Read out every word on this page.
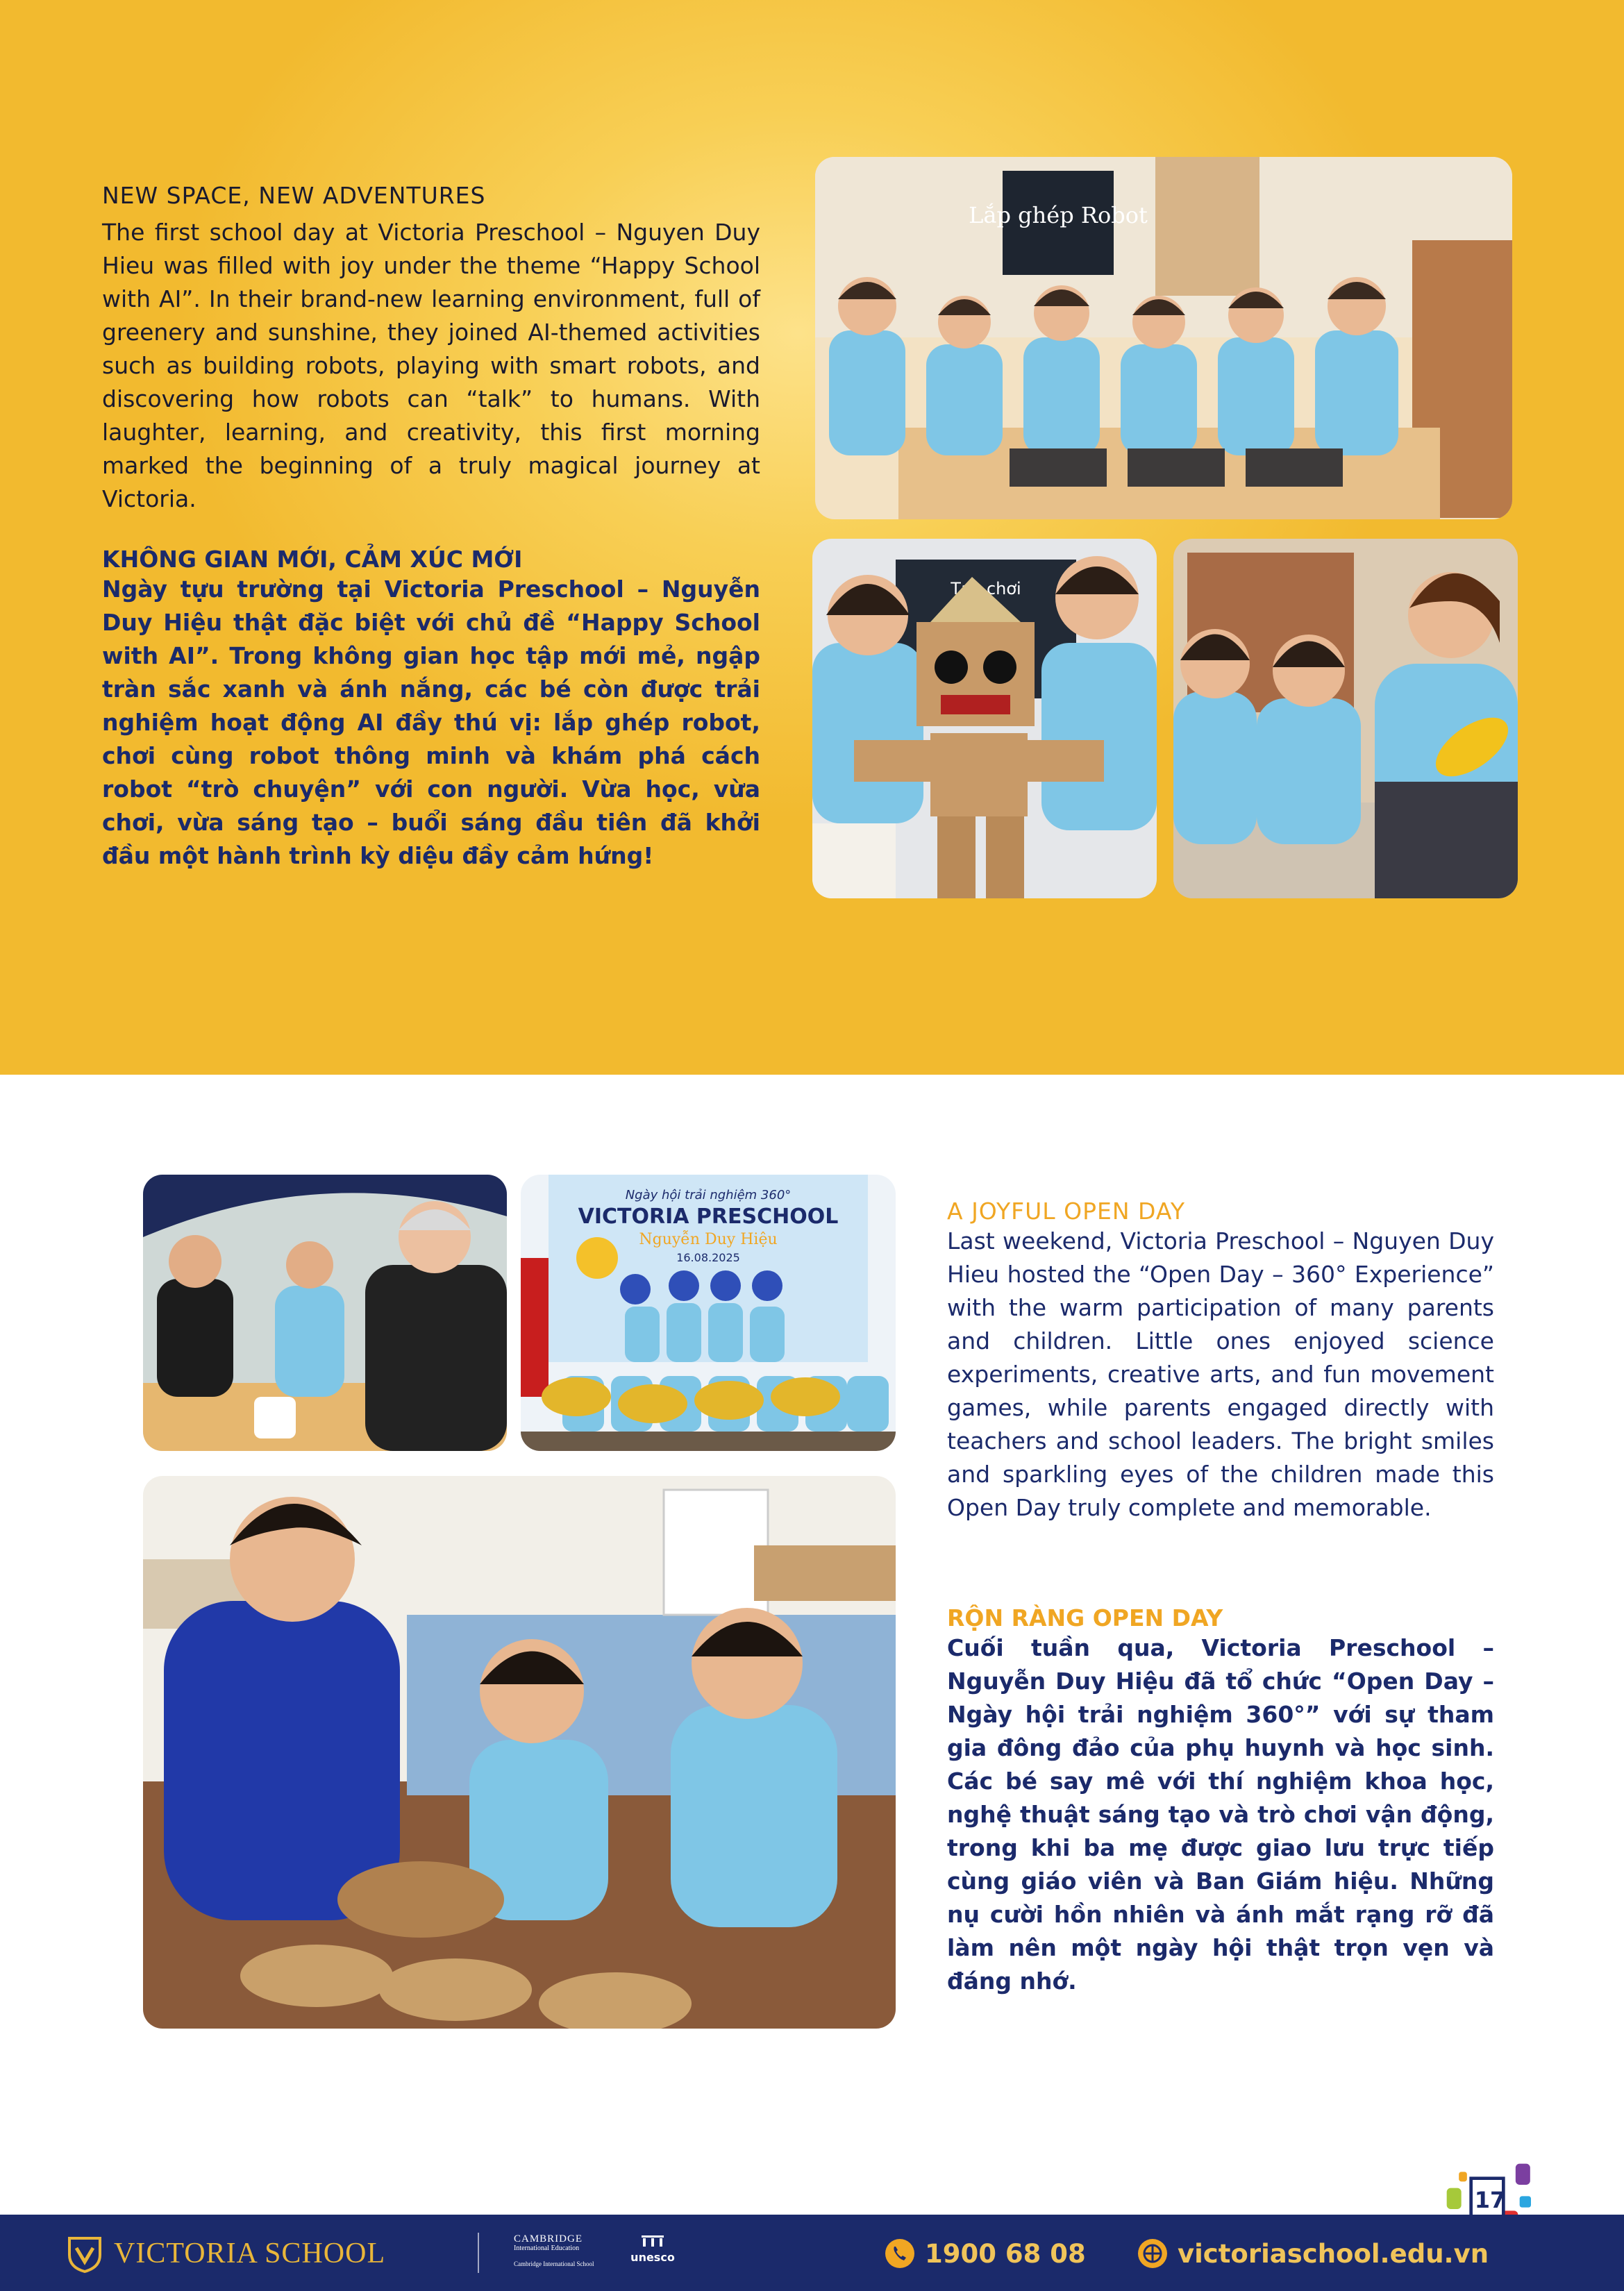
NEW SPACE, NEW ADVENTURES

The first school day at Victoria Preschool – Nguyen Duy Hieu was filled with joy under the theme “Happy School with AI”. In their brand-new learning environment, full of greenery and sunshine, they joined AI-themed activities such as building robots, playing with smart robots, and discovering how robots can “talk” to humans. With laughter, learning, and creativity, this first morning marked the beginning of a truly magical journey at Victoria.

KHÔNG GIAN MỚI, CẢM XÚC MỚI

Ngày tựu trường tại Victoria Preschool – Nguyễn Duy Hiệu thật đặc biệt với chủ đề “Happy School with AI”. Trong không gian học tập mới mẻ, ngập tràn sắc xanh và ánh nắng, các bé còn được trải nghiệm hoạt động AI đầy thú vị: lắp ghép robot, chơi cùng robot thông minh và khám phá cách robot “trò chuyện” với con người. Vừa học, vừa chơi, vừa sáng tạo – buổi sáng đầu tiên đã khởi đầu một hành trình kỳ diệu đầy cảm hứng!

Lắp ghép Robot
Tạo chơi
Ngày hội trải nghiệm 360°
VICTORIA PRESCHOOL
Nguyễn Duy Hiệu
16.08.2025
A JOYFUL OPEN DAY

Last weekend, Victoria Preschool – Nguyen Duy Hieu hosted the “Open Day – 360° Experience” with the warm participation of many parents and children. Little ones enjoyed science experiments, creative arts, and fun movement games, while parents engaged directly with teachers and school leaders. The bright smiles and sparkling eyes of the children made this Open Day truly complete and memorable.

RỘN RÀNG OPEN DAY

Cuối tuần qua, Victoria Preschool – Nguyễn Duy Hiệu đã tổ chức “Open Day – Ngày hội trải nghiệm 360°” với sự tham gia đông đảo của phụ huynh và học sinh. Các bé say mê với thí nghiệm khoa học, nghệ thuật sáng tạo và trò chơi vận động, trong khi ba mẹ được giao lưu trực tiếp cùng giáo viên và Ban Giám hiệu. Những nụ cười hồn nhiên và ánh mắt rạng rỡ đã làm nên một ngày hội thật trọn vẹn và đáng nhớ.

17
VICTORIA SCHOOL	CAMBRIDGE
International Education
Cambridge International School	unesco	1900 68 08	victoriaschool.edu.vn
